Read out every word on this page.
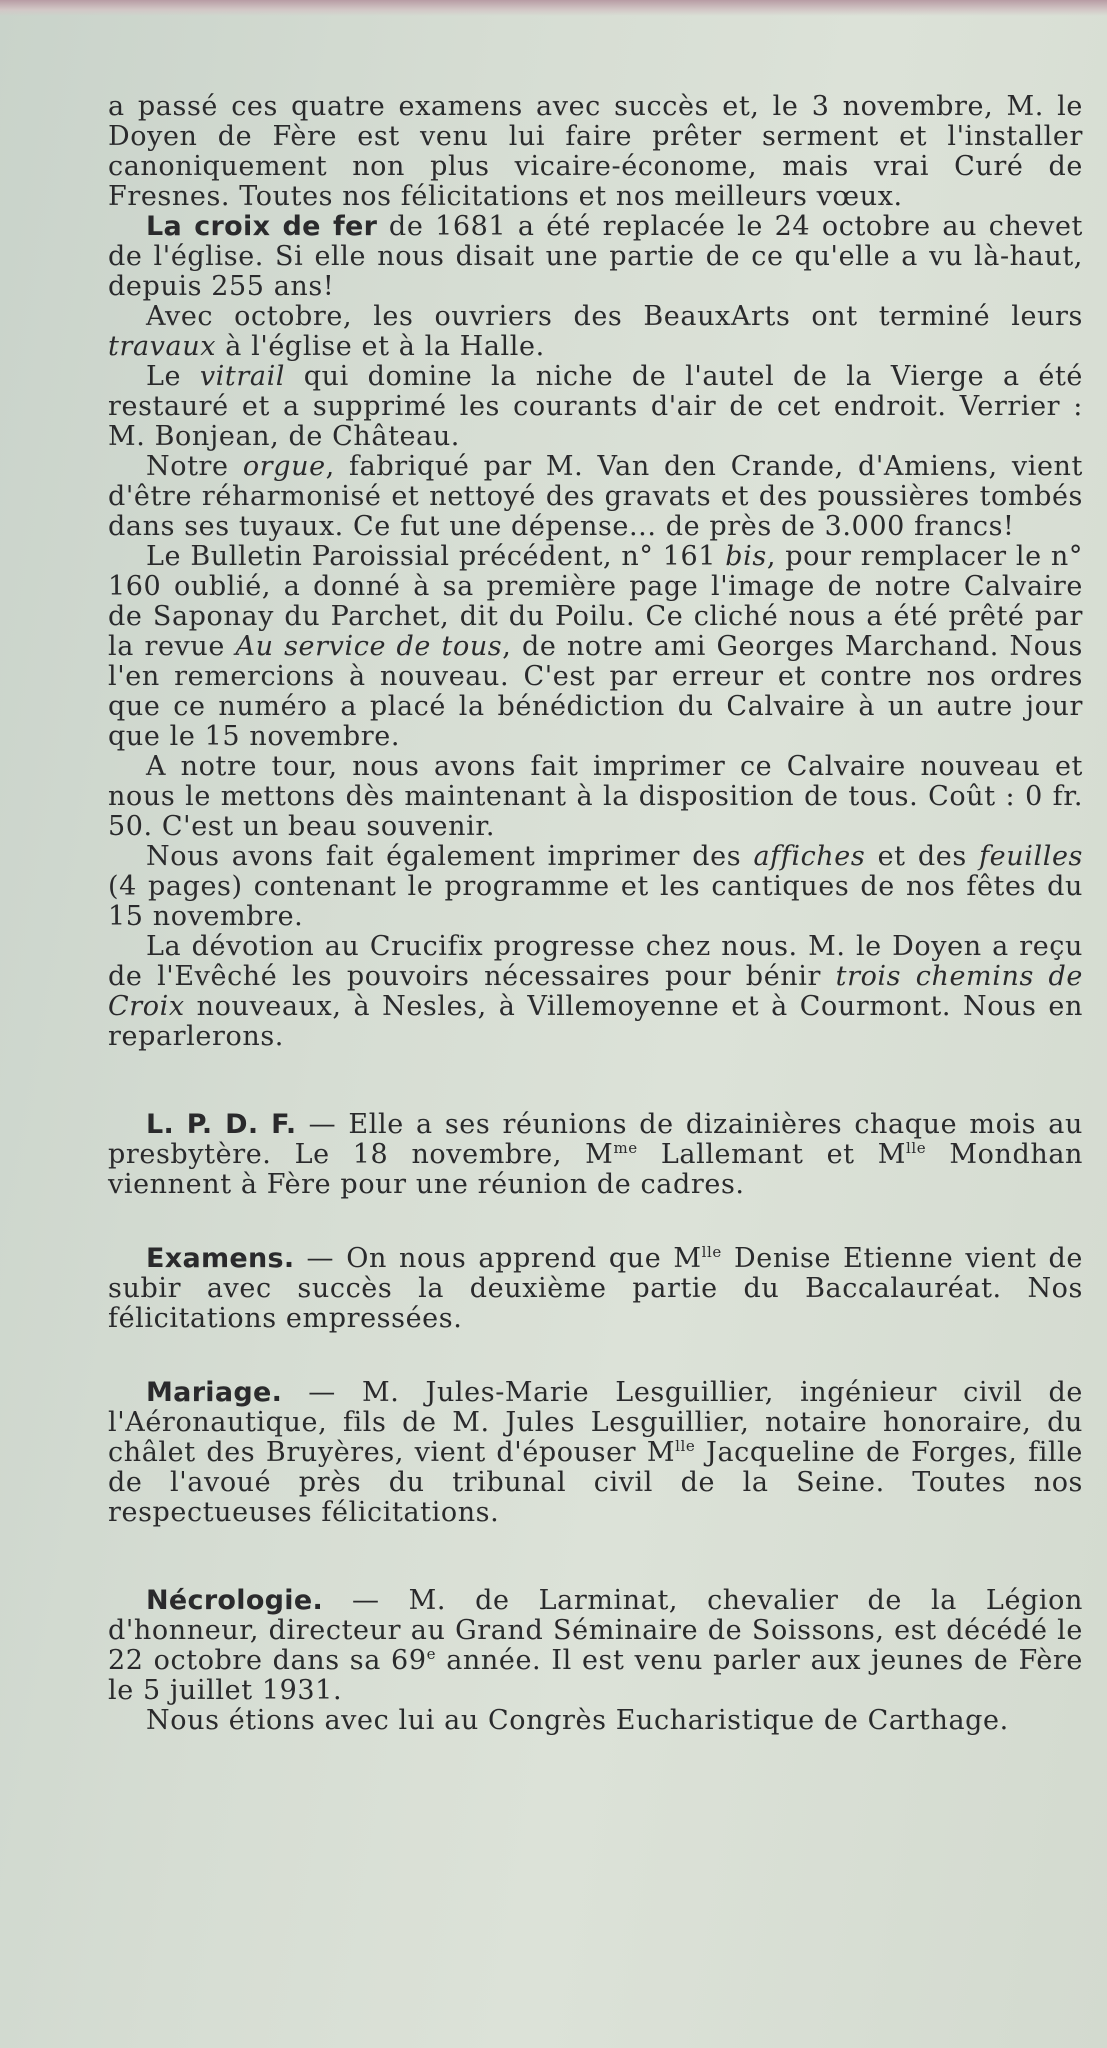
a passé ces quatre examens avec succès et, le 3 novembre, M. le Doyen de Fère est venu lui faire prêter serment et l'installer canoniquement non plus vicaire-économe, mais vrai Curé de Fresnes. Toutes nos félicitations et nos meilleurs vœux.

La croix de fer de 1681 a été replacée le 24 octobre au chevet de l'église. Si elle nous disait une partie de ce qu'elle a vu là-haut, depuis 255 ans!

Avec octobre, les ouvriers des BeauxArts ont terminé leurs travaux à l'église et à la Halle.

Le vitrail qui domine la niche de l'autel de la Vierge a été restauré et a supprimé les courants d'air de cet endroit. Verrier : M. Bonjean, de Château.

Notre orgue, fabriqué par M. Van den Crande, d'Amiens, vient d'être réharmonisé et nettoyé des gravats et des poussières tombés dans ses tuyaux. Ce fut une dépense... de près de 3.000 francs!

Le Bulletin Paroissial précédent, n° 161 bis, pour remplacer le n° 160 oublié, a donné à sa première page l'image de notre Calvaire de Saponay du Parchet, dit du Poilu. Ce cliché nous a été prêté par la revue Au service de tous, de notre ami Georges Marchand. Nous l'en remercions à nouveau. C'est par erreur et contre nos ordres que ce numéro a placé la bénédiction du Calvaire à un autre jour que le 15 novembre.

A notre tour, nous avons fait imprimer ce Calvaire nouveau et nous le mettons dès maintenant à la disposition de tous. Coût : 0 fr. 50. C'est un beau souvenir.

Nous avons fait également imprimer des affiches et des feuilles (4 pages) contenant le programme et les cantiques de nos fêtes du 15 novembre.

La dévotion au Crucifix progresse chez nous. M. le Doyen a reçu de l'Evêché les pouvoirs nécessaires pour bénir trois chemins de Croix nouveaux, à Nesles, à Villemoyenne et à Courmont. Nous en reparlerons.

L. P. D. F. — Elle a ses réunions de dizainières chaque mois au presbytère. Le 18 novembre, $M^{me}$ Lallemant et $M^{lle}$ Mondhan viennent à Fère pour une réunion de cadres.

Examens. — On nous apprend que $M^{lle}$ Denise Etienne vient de subir avec succès la deuxième partie du Baccalauréat. Nos félicitations empressées.

Mariage. — M. Jules-Marie Lesguillier, ingénieur civil de l'Aéronautique, fils de M. Jules Lesguillier, notaire honoraire, du châlet des Bruyères, vient d'épouser $M^{lle}$ Jacqueline de Forges, fille de l'avoué près du tribunal civil de la Seine. Toutes nos respectueuses félicitations.

Nécrologie. — M. de Larminat, chevalier de la Légion d'honneur, directeur au Grand Séminaire de Soissons, est décédé le 22 octobre dans sa 69e année. Il est venu parler aux jeunes de Fère le 5 juillet 1931.

Nous étions avec lui au Congrès Eucharistique de Carthage.
